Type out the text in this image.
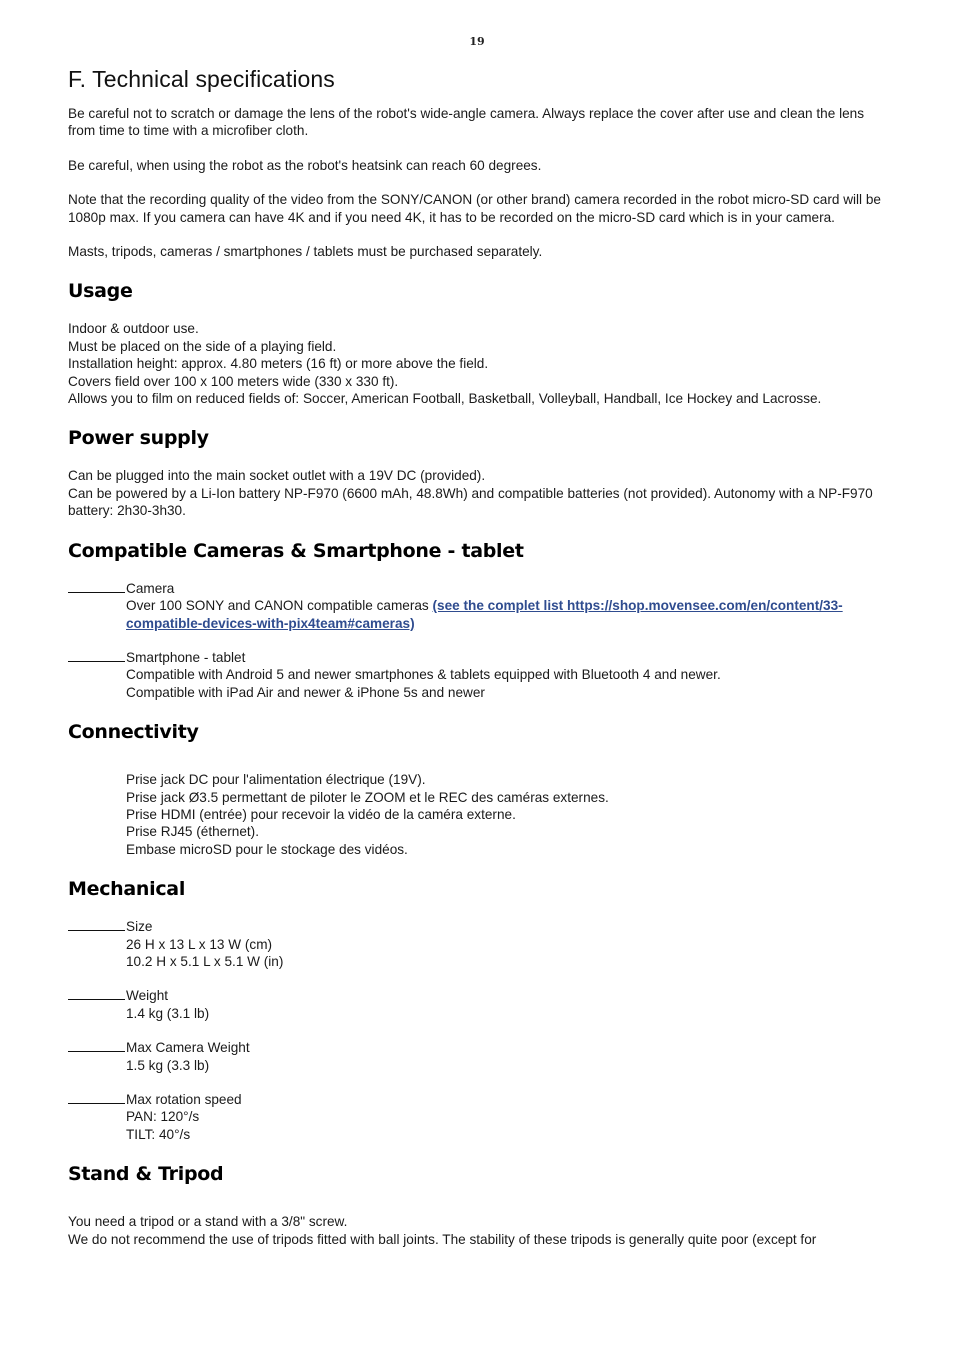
19
F. Technical specifications

Be careful not to scratch or damage the lens of the robot's wide-angle camera. Always replace the cover after use and clean the lens from time to time with a microfiber cloth.

Be careful, when using the robot as the robot's heatsink can reach 60 degrees.

Note that the recording quality of the video from the SONY/CANON (or other brand) camera recorded in the robot micro-SD card will be 1080p max. If you camera can have 4K and if you need 4K, it has to be recorded on the micro-SD card which is in your camera.

Masts, tripods, cameras / smartphones / tablets must be purchased separately.

Usage

Indoor & outdoor use.

Must be placed on the side of a playing field.

Installation height: approx. 4.80 meters (16 ft) or more above the field.

Covers field over 100 x 100 meters wide (330 x 330 ft).

Allows you to film on reduced fields of: Soccer, American Football, Basketball, Volleyball, Handball, Ice Hockey and Lacrosse.

Power supply

Can be plugged into the main socket outlet with a 19V DC (provided).

Can be powered by a Li-Ion battery NP-F970 (6600 mAh, 48.8Wh) and compatible batteries (not provided). Autonomy with a NP-F970 battery: 2h30-3h30.

Compatible Cameras & Smartphone - tablet

Camera

Over 100 SONY and CANON compatible cameras (see the complet list https://shop.movensee.com/en/content/33-compatible-devices-with-pix4team#cameras)

Smartphone - tablet

Compatible with Android 5 and newer smartphones & tablets equipped with Bluetooth 4 and newer.

Compatible with iPad Air and newer & iPhone 5s and newer

Connectivity

Prise jack DC pour l'alimentation électrique (19V).

Prise jack Ø3.5 permettant de piloter le ZOOM et le REC des caméras externes.

Prise HDMI (entrée) pour recevoir la vidéo de la caméra externe.

Prise RJ45 (éthernet).

Embase microSD pour le stockage des vidéos.

Mechanical

Size

26 H x 13 L x 13 W (cm)

10.2 H x 5.1 L x 5.1 W (in)

Weight

1.4 kg (3.1 lb)

Max Camera Weight

1.5 kg (3.3 lb)

Max rotation speed

PAN: 120°/s

TILT: 40°/s

Stand & Tripod

You need a tripod or a stand with a 3/8" screw.

We do not recommend the use of tripods fitted with ball joints. The stability of these tripods is generally quite poor (except for
